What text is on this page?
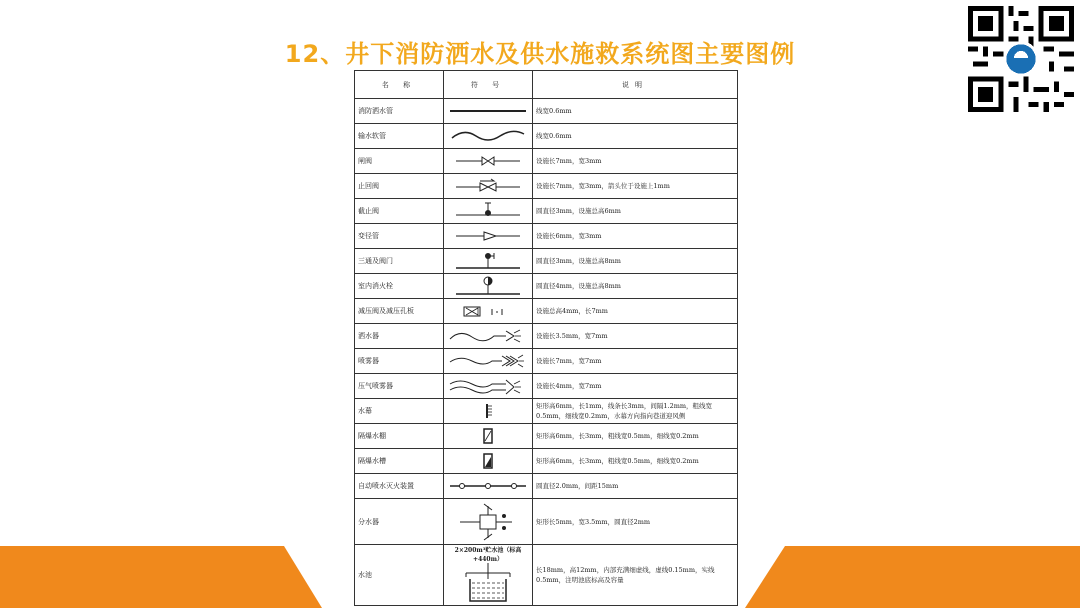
12、井下消防洒水及供水施救系统图主要图例
名 称	符 号	说明
消防洒水管		线宽0.6mm
输水软管		线宽0.6mm
闸阀		设施长7mm，宽3mm
止回阀		设施长7mm，宽3mm，箭头位于设施上1mm
截止阀		圆直径3mm，设施总高6mm
变径管		设施长6mm，宽3mm
三通及阀门		圆直径3mm，设施总高8mm
室内消火栓		圆直径4mm，设施总高8mm
减压阀及减压孔板		设施总高4mm，长7mm
洒水器		设施长3.5mm，宽7mm
喷雾器		设施长7mm，宽7mm
压气喷雾器		设施长4mm，宽7mm
水幕		矩形高6mm，长1mm，线条长3mm，间隔1.2mm，粗线宽0.5mm，细线宽0.2mm，水幕方向指向巷道迎风侧
隔爆水棚		矩形高6mm，长3mm，粗线宽0.5mm，细线宽0.2mm
隔爆水槽		矩形高6mm，长3mm，粗线宽0.5mm，细线宽0.2mm
自动喷水灭火装置		圆直径2.0mm，间距15mm
分水器		矩形长5mm，宽3.5mm，圆直径2mm
水池	2×200m³贮水池（标高+440m）	长18mm，高12mm，内部充满细虚线，虚线0.15mm，实线0.5mm，注明池底标高及容量
